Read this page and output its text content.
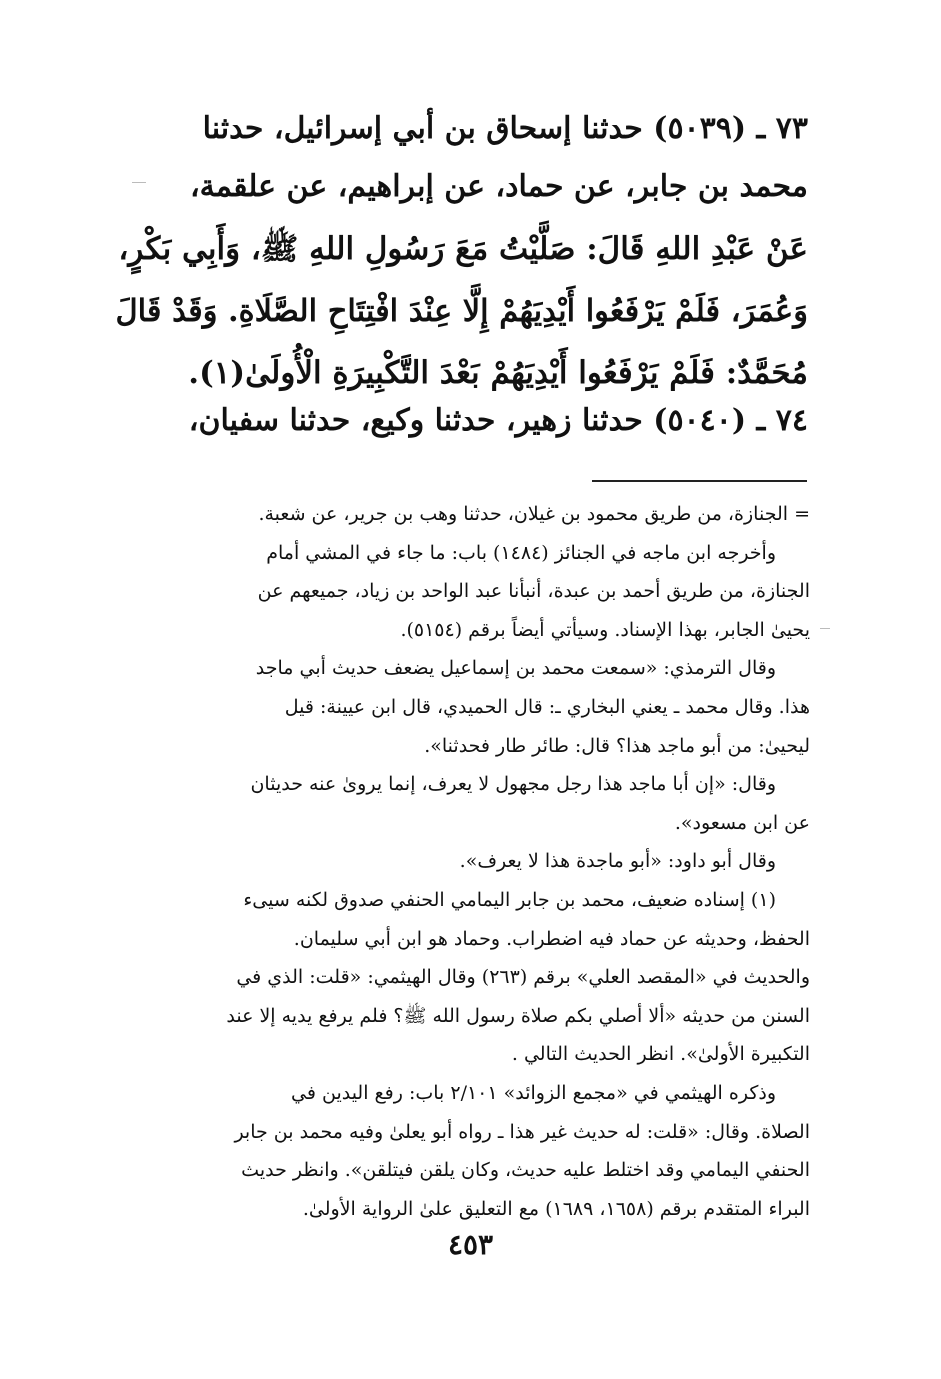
٧٣ ـ (٥٠٣٩) حدثنا إسحاق بن أبي إسرائيل، حدثنا
محمد بن جابر، عن حماد، عن إبراهيم، عن علقمة،
عَنْ عَبْدِ اللهِ قَالَ: صَلَّيْتُ مَعَ رَسُولِ اللهِ ﷺ، وَأَبِي بَكْرٍ،
وَعُمَرَ، فَلَمْ يَرْفَعُوا أَيْدِيَهُمْ إِلَّا عِنْدَ افْتِتَاحِ الصَّلَاةِ. وَقَدْ قَالَ
مُحَمَّدٌ: فَلَمْ يَرْفَعُوا أَيْدِيَهُمْ بَعْدَ التَّكْبِيرَةِ الْأُولَىٰ(١).
٧٤ ـ (٥٠٤٠) حدثنا زهير، حدثنا وكيع، حدثنا سفيان،
= الجنازة، من طريق محمود بن غيلان، حدثنا وهب بن جرير، عن شعبة.
وأخرجه ابن ماجه في الجنائز (١٤٨٤) باب: ما جاء في المشي أمام
الجنازة، من طريق أحمد بن عبدة، أنبأنا عبد الواحد بن زياد، جميعهم عن
يحيىٰ الجابر، بهذا الإسناد. وسيأتي أيضاً برقم (٥١٥٤).
وقال الترمذي: «سمعت محمد بن إسماعيل يضعف حديث أبي ماجد
هذا. وقال محمد ـ يعني البخاري ـ: قال الحميدي، قال ابن عيينة: قيل
ليحيىٰ: من أبو ماجد هذا؟ قال: طائر طار فحدثنا».
وقال: «إن أبا ماجد هذا رجل مجهول لا يعرف، إنما يروىٰ عنه حديثان
عن ابن مسعود».
وقال أبو داود: «أبو ماجدة هذا لا يعرف».
(١) إسناده ضعيف، محمد بن جابر اليمامي الحنفي صدوق لكنه سيىء
الحفظ، وحديثه عن حماد فيه اضطراب. وحماد هو ابن أبي سليمان.
والحديث في «المقصد العلي» برقم (٢٦٣) وقال الهيثمي: «قلت: الذي في
السنن من حديثه «ألا أصلي بكم صلاة رسول الله ﷺ؟ فلم يرفع يديه إلا عند
التكبيرة الأولىٰ». انظر الحديث التالي .
وذكره الهيثمي في «مجمع الزوائد» ٢/١٠١ باب: رفع اليدين في
الصلاة. وقال: «قلت: له حديث غير هذا ـ رواه أبو يعلىٰ وفيه محمد بن جابر
الحنفي اليمامي وقد اختلط عليه حديث، وكان يلقن فيتلقن». وانظر حديث
البراء المتقدم برقم (١٦٥٨، ١٦٨٩) مع التعليق علىٰ الرواية الأولىٰ.
٤٥٣
